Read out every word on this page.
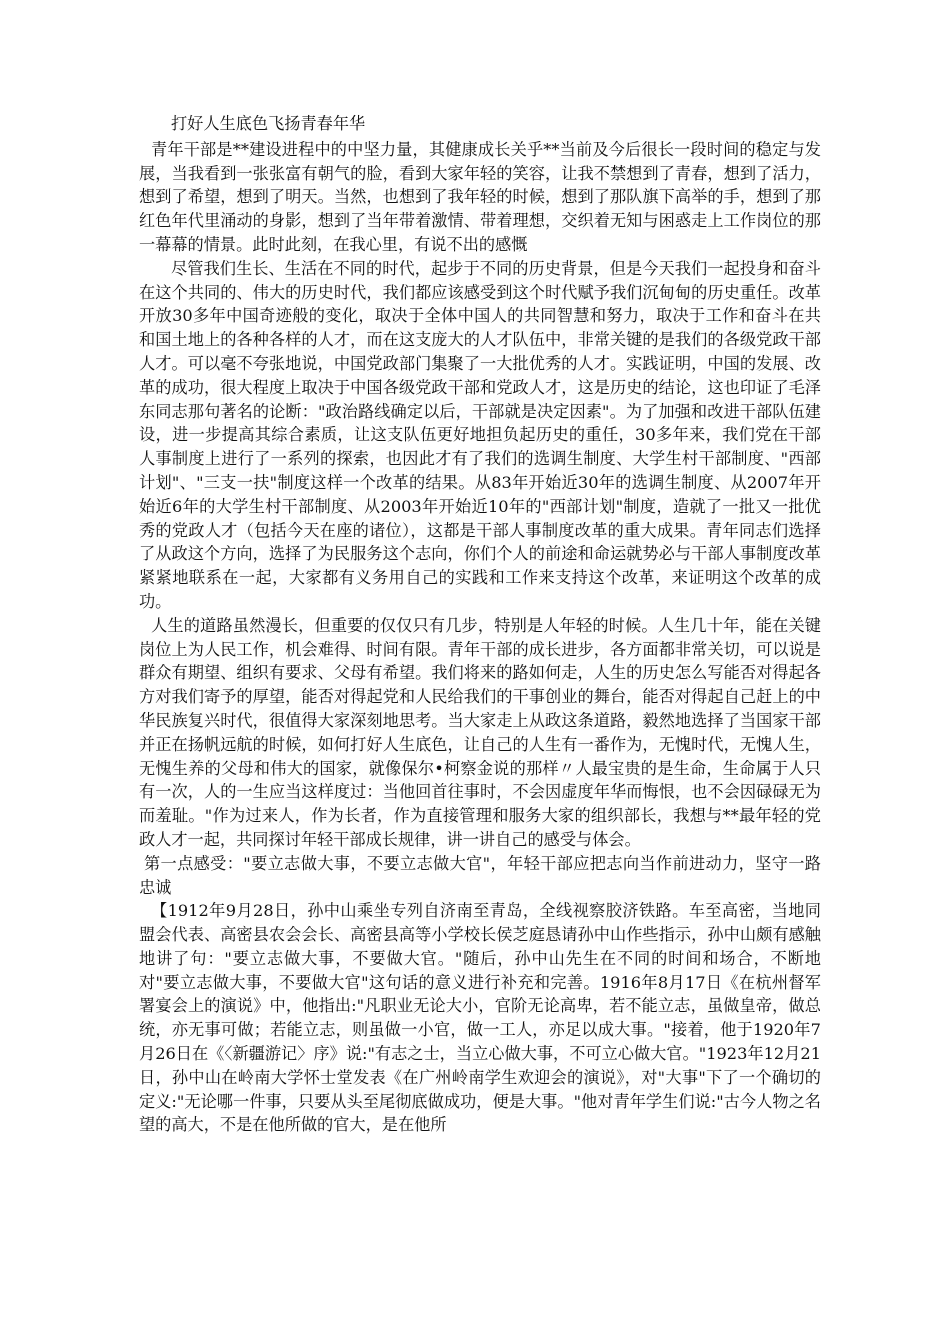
打好人生底色飞扬青春年华

青年干部是**建设进程中的中坚力量，其健康成长关乎**当前及今后很长一段时间的稳定与发展，当我看到一张张富有朝气的脸，看到大家年轻的笑容，让我不禁想到了青春，想到了活力，想到了希望，想到了明天。当然，也想到了我年轻的时候，想到了那队旗下高举的手，想到了那红色年代里涌动的身影，想到了当年带着激情、带着理想，交织着无知与困惑走上工作岗位的那一幕幕的情景。此时此刻，在我心里，有说不出的感慨

尽管我们生长、生活在不同的时代，起步于不同的历史背景，但是今天我们一起投身和奋斗在这个共同的、伟大的历史时代，我们都应该感受到这个时代赋予我们沉甸甸的历史重任。改革开放30多年中国奇迹般的变化，取决于全体中国人的共同智慧和努力，取决于工作和奋斗在共和国土地上的各种各样的人才，而在这支庞大的人才队伍中，非常关键的是我们的各级党政干部人才。可以毫不夸张地说，中国党政部门集聚了一大批优秀的人才。实践证明，中国的发展、改革的成功，很大程度上取决于中国各级党政干部和党政人才，这是历史的结论，这也印证了毛泽东同志那句著名的论断："政治路线确定以后，干部就是决定因素"。为了加强和改进干部队伍建设，进一步提高其综合素质，让这支队伍更好地担负起历史的重任，30多年来，我们党在干部人事制度上进行了一系列的探索，也因此才有了我们的选调生制度、大学生村干部制度、"西部计划"、"三支一扶"制度这样一个改革的结果。从83年开始近30年的选调生制度、从2007年开始近6年的大学生村干部制度、从2003年开始近10年的"西部计划"制度，造就了一批又一批优秀的党政人才（包括今天在座的诸位），这都是干部人事制度改革的重大成果。青年同志们选择了从政这个方向，选择了为民服务这个志向，你们个人的前途和命运就势必与干部人事制度改革紧紧地联系在一起，大家都有义务用自己的实践和工作来支持这个改革，来证明这个改革的成功。

人生的道路虽然漫长，但重要的仅仅只有几步，特别是人年轻的时候。人生几十年，能在关键岗位上为人民工作，机会难得、时间有限。青年干部的成长进步，各方面都非常关切，可以说是群众有期望、组织有要求、父母有希望。我们将来的路如何走，人生的历史怎么写能否对得起各方对我们寄予的厚望，能否对得起党和人民给我们的干事创业的舞台，能否对得起自己赶上的中华民族复兴时代，很值得大家深刻地思考。当大家走上从政这条道路，毅然地选择了当国家干部并正在扬帆远航的时候，如何打好人生底色，让自己的人生有一番作为，无愧时代，无愧人生，无愧生养的父母和伟大的国家，就像保尔•柯察金说的那样〃人最宝贵的是生命，生命属于人只有一次，人的一生应当这样度过：当他回首往事时，不会因虚度年华而悔恨，也不会因碌碌无为而羞耻。"作为过来人，作为长者，作为直接管理和服务大家的组织部长，我想与**最年轻的党政人才一起，共同探讨年轻干部成长规律，讲一讲自己的感受与体会。

第一点感受："要立志做大事，不要立志做大官"，年轻干部应把志向当作前进动力，坚守一路忠诚

【1912年9月28日，孙中山乘坐专列自济南至青岛，全线视察胶济铁路。车至高密，当地同盟会代表、高密县农会会长、高密县高等小学校长侯芝庭恳请孙中山作些指示，孙中山颇有感触地讲了句："要立志做大事，不要做大官。"随后，孙中山先生在不同的时间和场合，不断地对"要立志做大事，不要做大官"这句话的意义进行补充和完善。1916年8月17日《在杭州督军署宴会上的演说》中，他指出:"凡职业无论大小，官阶无论高卑，若不能立志，虽做皇帝，做总统，亦无事可做；若能立志，则虽做一小官，做一工人，亦足以成大事。"接着，他于1920年7月26日在《〈新疆游记〉序》说:"有志之士，当立心做大事，不可立心做大官。"1923年12月21日，孙中山在岭南大学怀士堂发表《在广州岭南学生欢迎会的演说》，对"大事"下了一个确切的定义:"无论哪一件事，只要从头至尾彻底做成功，便是大事。"他对青年学生们说:"古今人物之名望的高大，不是在他所做的官大，是在他所
